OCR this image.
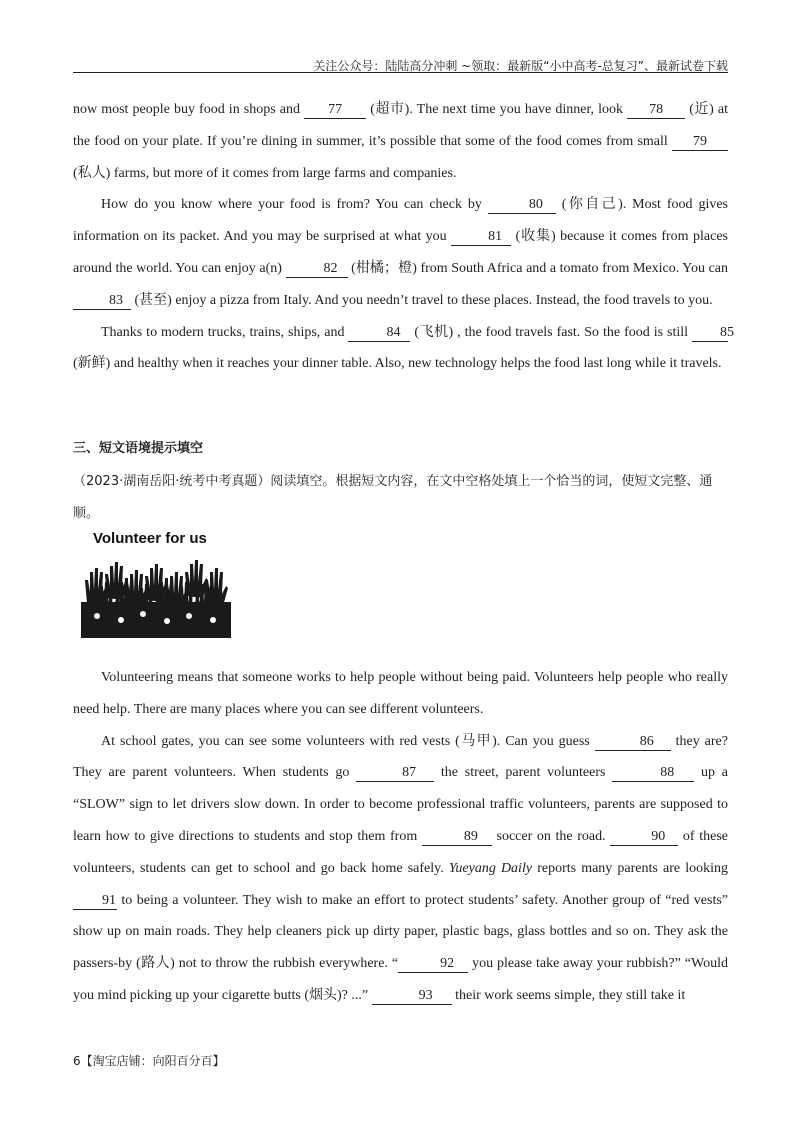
关注公众号：陆陆高分冲刺 ~领取：最新版“小中高考-总复习”、最新试卷下载

now most people buy food in shops and 77 (超市). The next time you have dinner, look 78 (近) at the food on your plate. If you’re dining in summer, it’s possible that some of the food comes from small 79 (私人) farms, but more of it comes from large farms and companies.

How do you know where your food is from? You can check by	80 (你自己). Most food gives information on its packet. And you may be surprised at what you	81 (收集) because it comes from places around the world. You can enjoy a(n)	82 (柑橘；橙) from South Africa and a tomato from Mexico. You can 83 (甚至) enjoy a pizza from Italy. And you needn’t travel to these places. Instead, the food travels to you.

Thanks to modern trucks, trains, ships, and	84 (飞机) , the food travels fast. So the food is still 85 (新鲜) and healthy when it reaches your dinner table. Also, new technology helps the food last long while it travels.

三、短文语境提示填空
（2023·湖南岳阳·统考中考真题）阅读填空。根据短文内容，在文中空格处填上一个恰当的词，使短文完整、通顺。
Volunteer for us

Volunteering means that someone works to help people without being paid. Volunteers help people who really need help. There are many places where you can see different volunteers.

At school gates, you can see some volunteers with red vests (马甲). Can you guess	86 they are? They are parent volunteers. When students go	87 the street, parent volunteers	88 up a “SLOW” sign to let drivers slow down. In order to become professional traffic volunteers, parents are supposed to learn how to give directions to students and stop them from	89 soccer on the road.	90 of these volunteers, students can get to school and go back home safely. Yueyang Daily reports many parents are looking 91 to being a volunteer. They wish to make an effort to protect students’ safety. Another group of “red vests” show up on main roads. They help cleaners pick up dirty paper, plastic bags, glass bottles and so on. They ask the passers-by (路人) not to throw the rubbish everywhere. “	92 you please take away your rubbish?” “Would you mind picking up your cigarette butts (烟头)? ...”	93 their work seems simple, they still take it

6【淘宝店铺：向阳百分百】
